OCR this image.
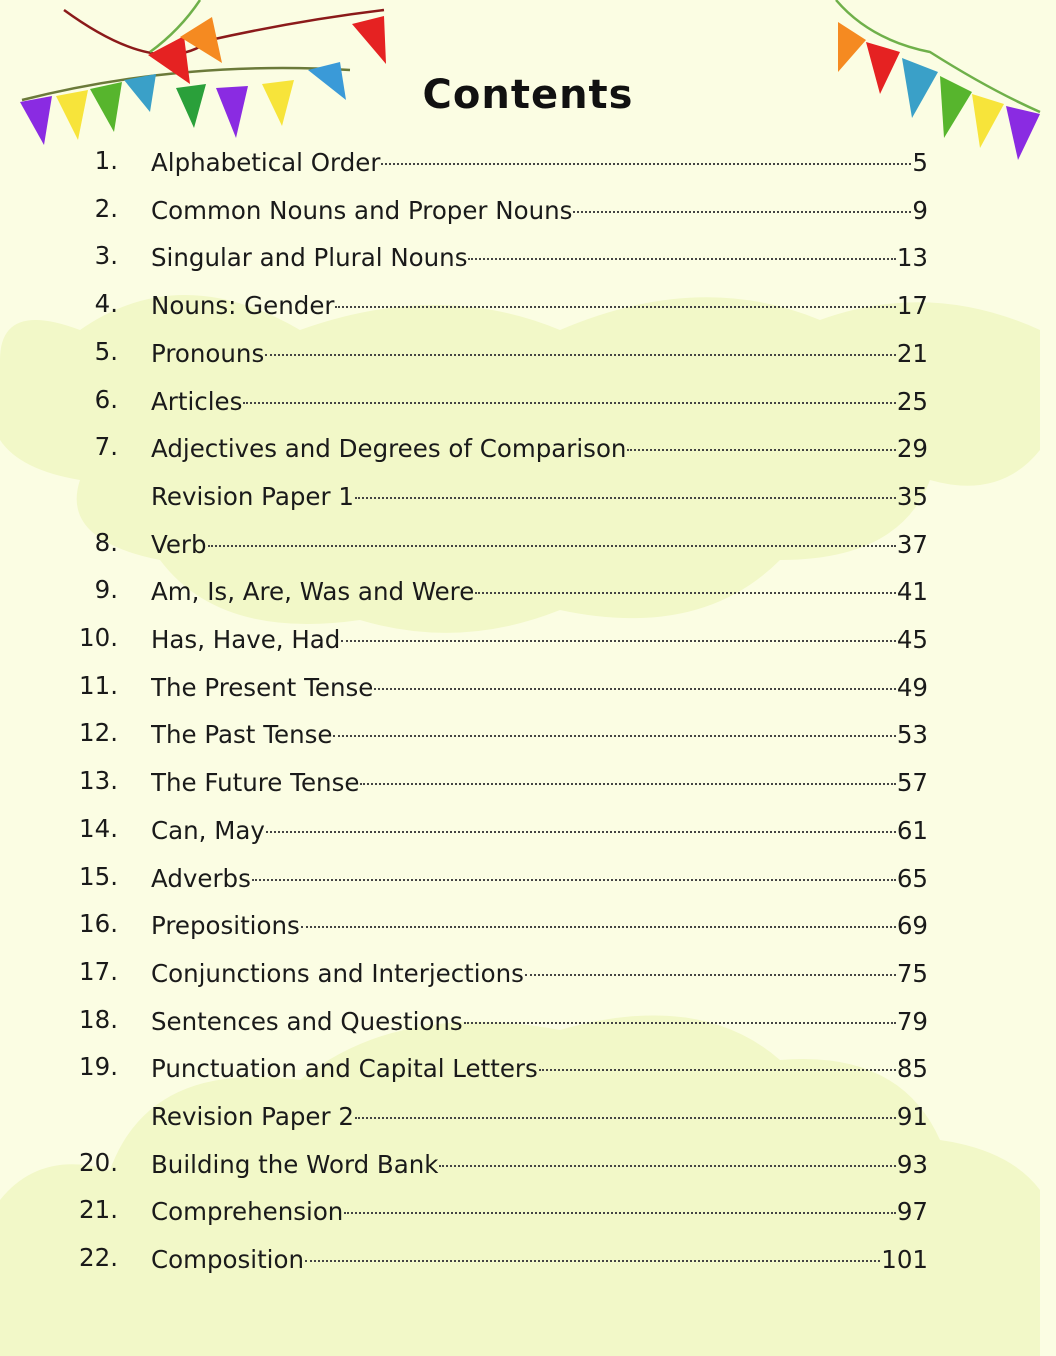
Contents
1. Alphabetical Order	5
2. Common Nouns and Proper Nouns	9
3. Singular and Plural Nouns	13
4. Nouns: Gender	17
5. Pronouns	21
6. Articles	25
7. Adjectives and Degrees of Comparison	29
Revision Paper 1	35
8. Verb	37
9. Am, Is, Are, Was and Were	41
10. Has, Have, Had	45
11. The Present Tense	49
12. The Past Tense	53
13. The Future Tense	57
14. Can, May	61
15. Adverbs	65
16. Prepositions	69
17. Conjunctions and Interjections	75
18. Sentences and Questions	79
19. Punctuation and Capital Letters	85
Revision Paper 2	91
20. Building the Word Bank	93
21. Comprehension	97
22. Composition	101
